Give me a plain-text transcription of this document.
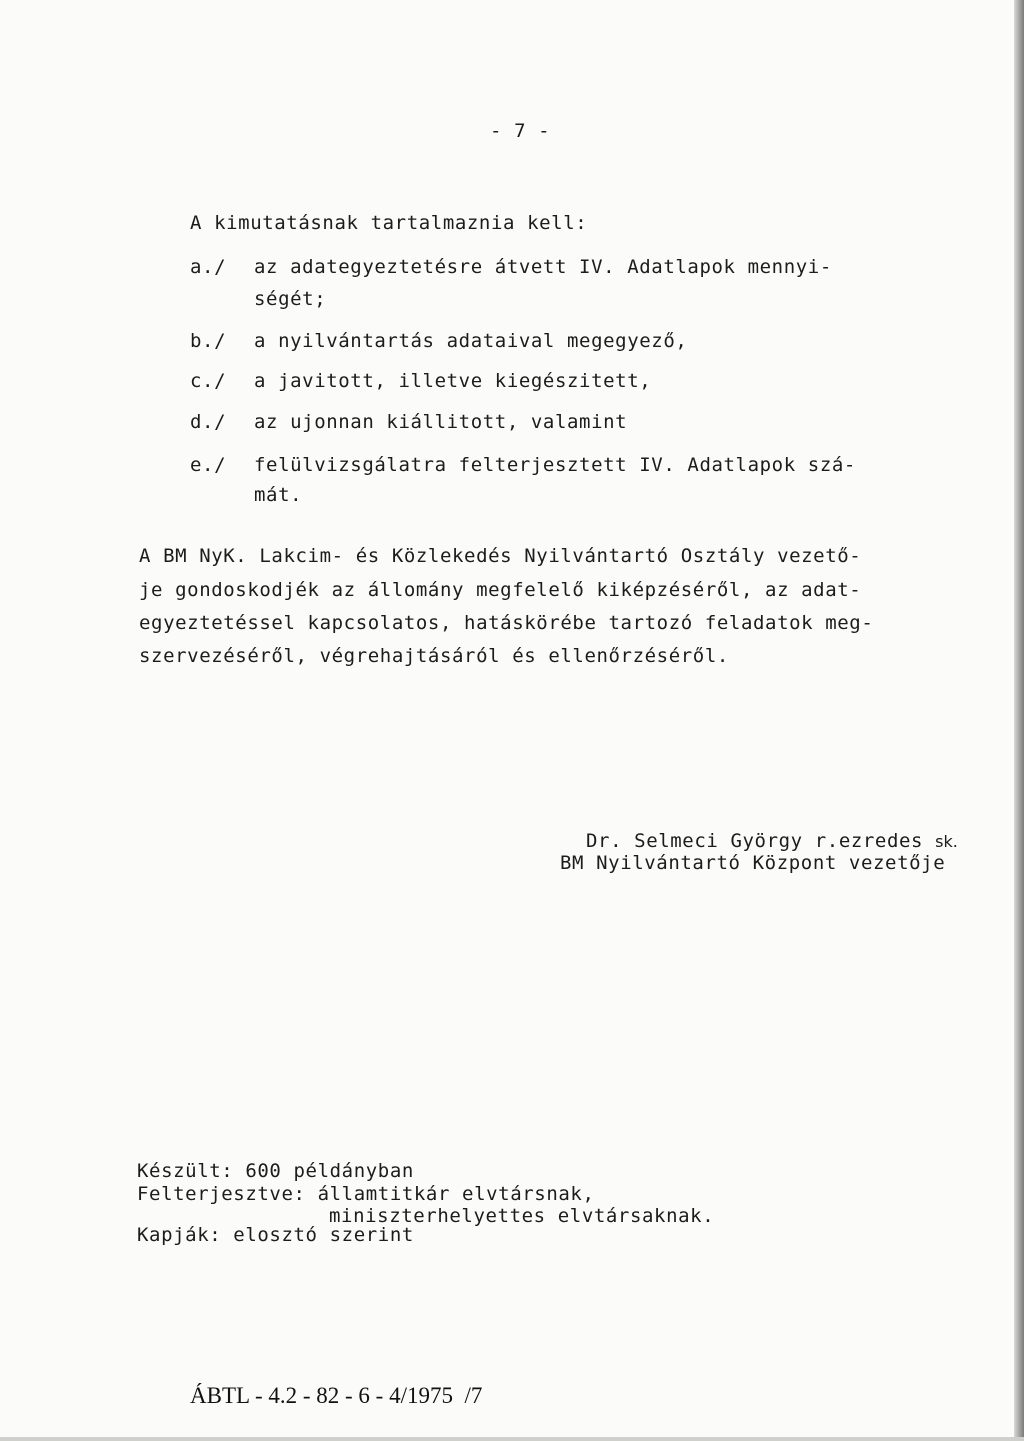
- 7 -
A kimutatásnak tartalmaznia kell:
a./ az adategyeztetésre átvett IV. Adatlapok mennyi-
ségét;
b./ a nyilvántartás adataival megegyező,
c./ a javitott, illetve kiegészitett,
d./ az ujonnan kiállitott, valamint
e./ felülvizsgálatra felterjesztett IV. Adatlapok szá-
mát.
A BM NyK. Lakcim- és Közlekedés Nyilvántartó Osztály vezető-
je gondoskodjék az állomány megfelelő kiképzéséről, az adat-
egyeztetéssel kapcsolatos, hatáskörébe tartozó feladatok meg-
szervezéséről, végrehajtásáról és ellenőrzéséről.
Dr. Selmeci György r.ezredes sk.
BM Nyilvántartó Központ vezetője
Készült: 600 példányban
Felterjesztve: államtitkár elvtársnak,
miniszterhelyettes elvtársaknak.
Kapják: elosztó szerint
ÁBTL - 4.2 - 82 - 6 - 4/1975  /7
